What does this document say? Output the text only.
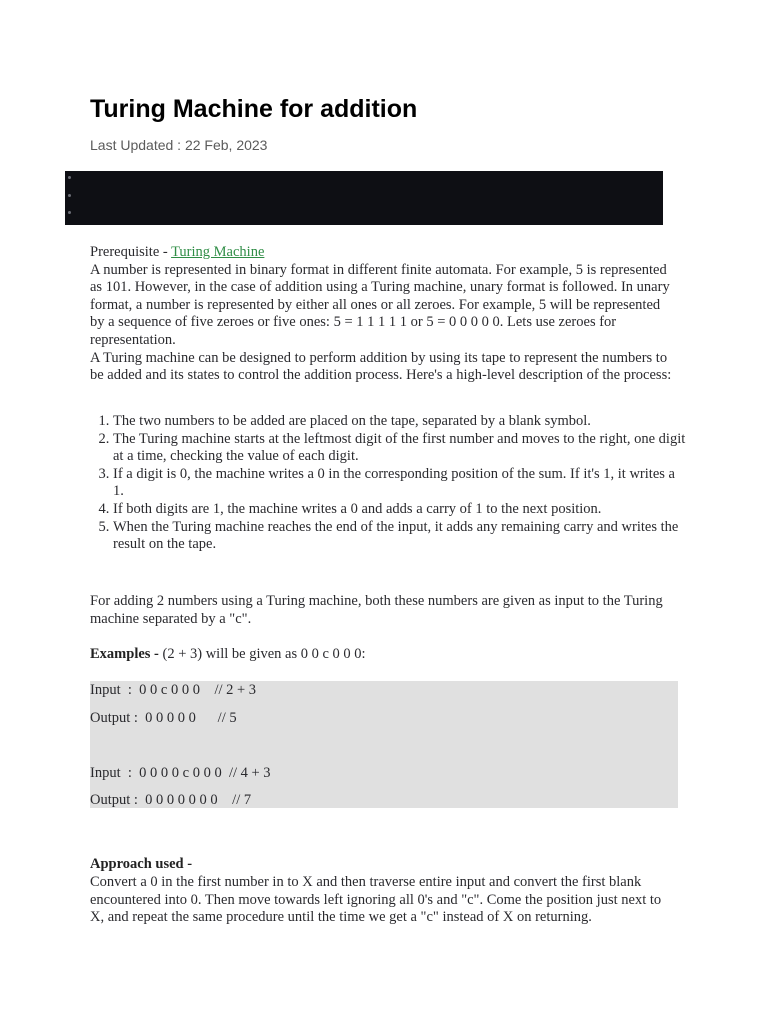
Turing Machine for addition
Last Updated : 22 Feb, 2023

Prerequisite - Turing Machine

A number is represented in binary format in different finite automata. For example, 5 is represented as 101. However, in the case of addition using a Turing machine, unary format is followed. In unary format, a number is represented by either all ones or all zeroes. For example, 5 will be represented by a sequence of five zeroes or five ones: 5 = 1 1 1 1 1 or 5 = 0 0 0 0 0. Lets use zeroes for representation.

A Turing machine can be designed to perform addition by using its tape to represent the numbers to be added and its states to control the addition process. Here's a high-level description of the process:

1. The two numbers to be added are placed on the tape, separated by a blank symbol.
2. The Turing machine starts at the leftmost digit of the first number and moves to the right, one digit at a time, checking the value of each digit.
3. If a digit is 0, the machine writes a 0 in the corresponding position of the sum. If it's 1, it writes a 1.
4. If both digits are 1, the machine writes a 0 and adds a carry of 1 to the next position.
5. When the Turing machine reaches the end of the input, it adds any remaining carry and writes the result on the tape.
For adding 2 numbers using a Turing machine, both these numbers are given as input to the Turing machine separated by a "c".
Examples - (2 + 3) will be given as 0 0 c 0 0 0:
Input  :  0 0 c 0 0 0    // 2 + 3
Output :  0 0 0 0 0      // 5
Input  :  0 0 0 0 c 0 0 0  // 4 + 3
Output :  0 0 0 0 0 0 0    // 7
Approach used -
Convert a 0 in the first number in to X and then traverse entire input and convert the first blank encountered into 0. Then move towards left ignoring all 0's and "c". Come the position just next to X, and repeat the same procedure until the time we get a "c" instead of X on returning.
